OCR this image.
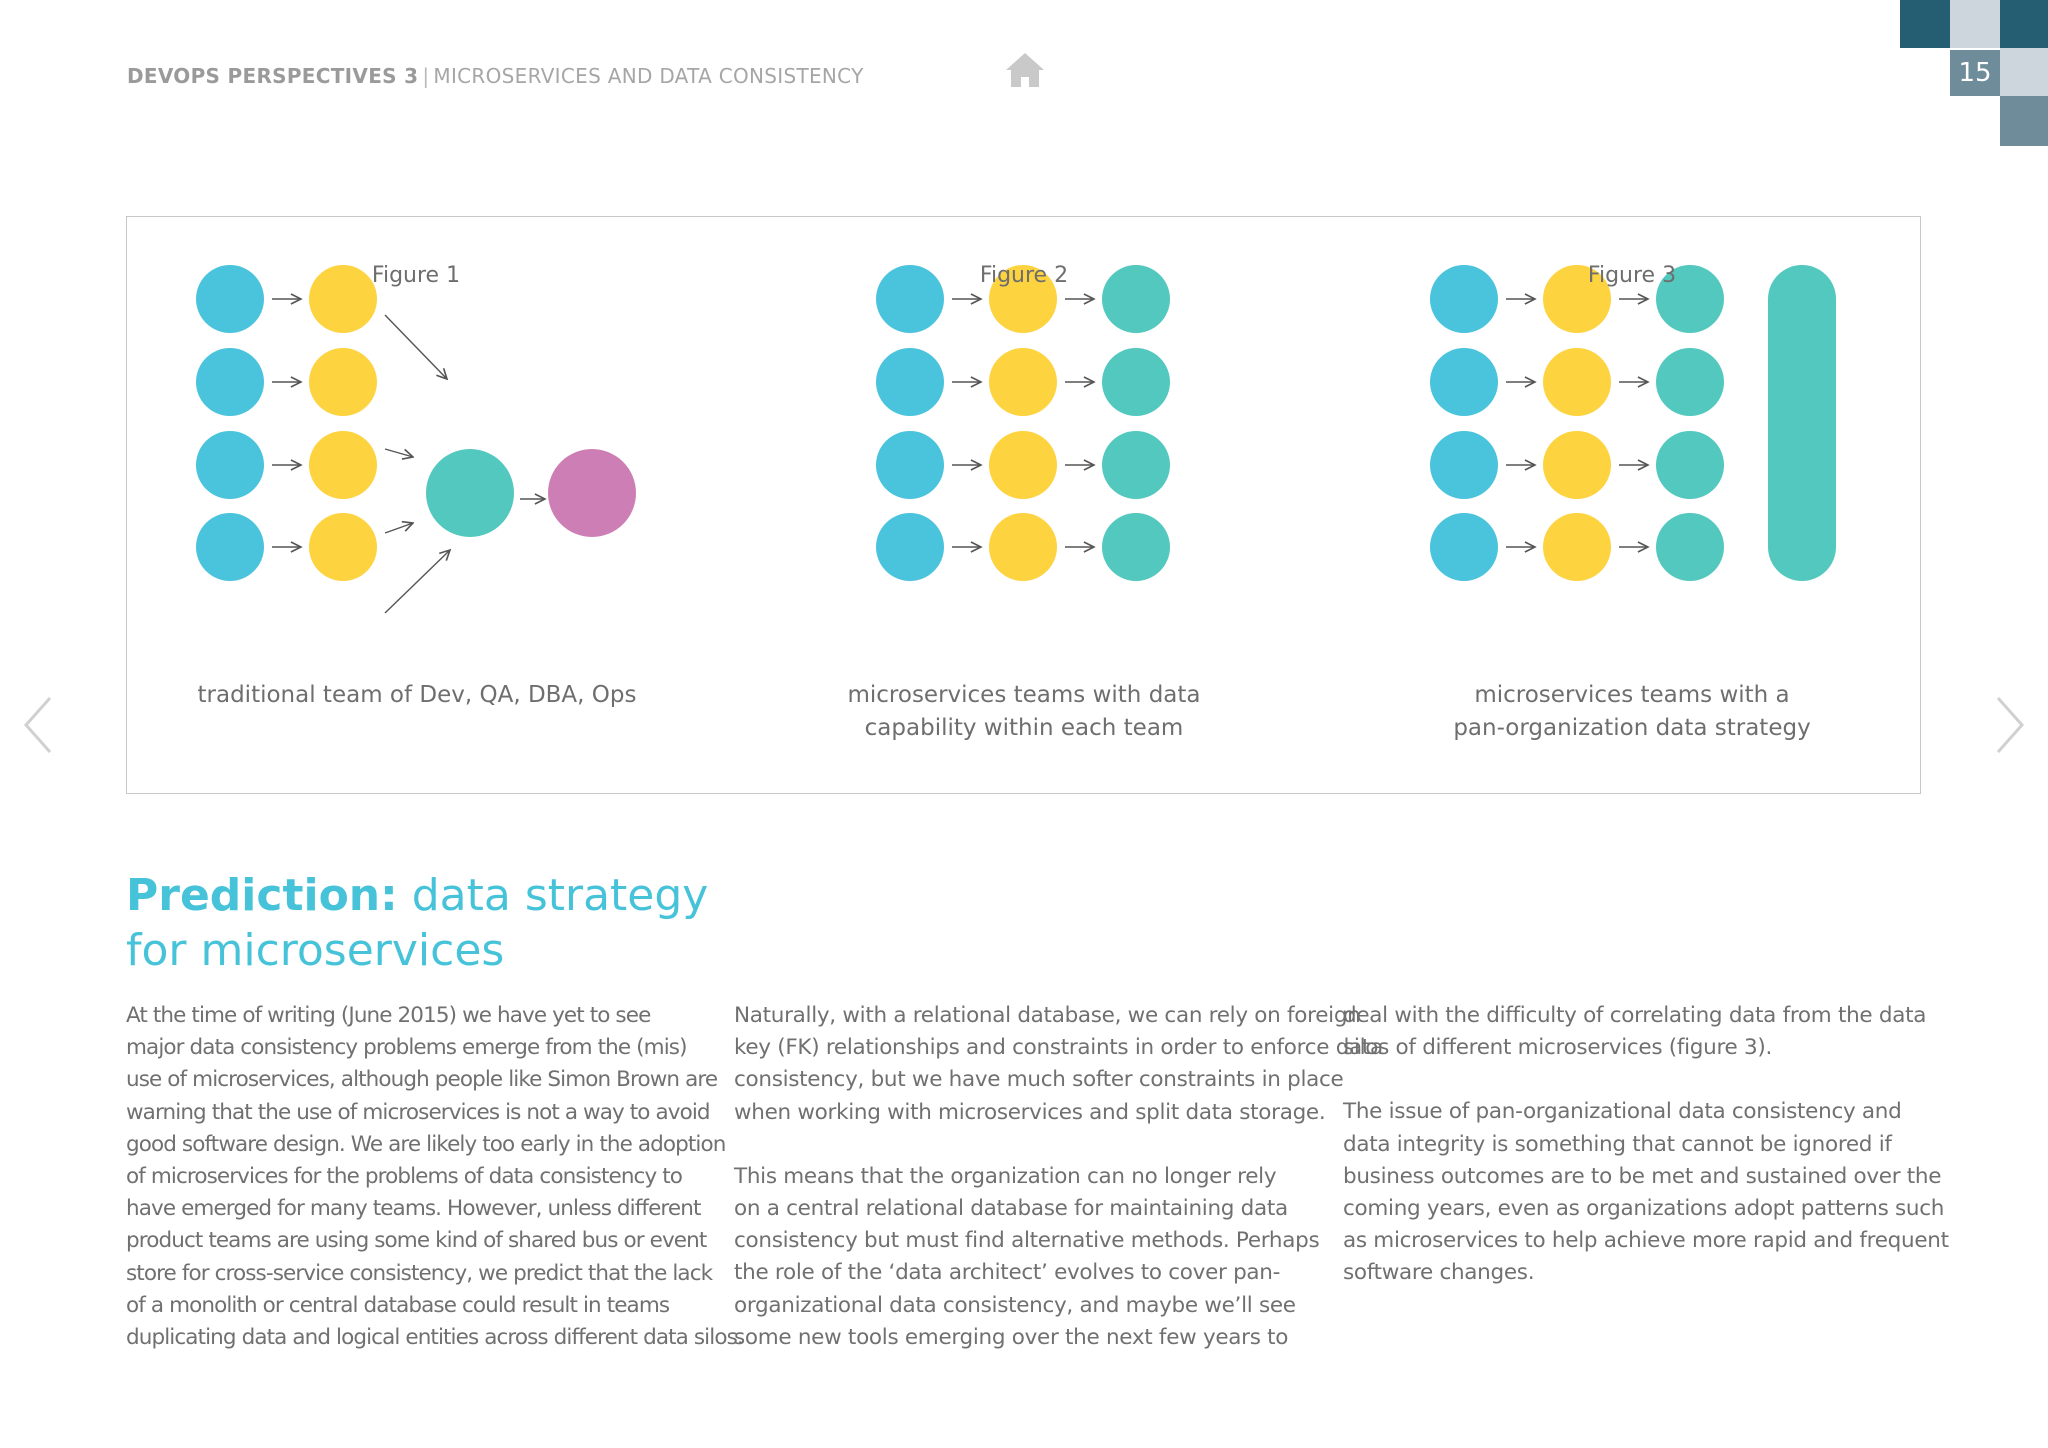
DEVOPS PERSPECTIVES 3 | MICROSERVICES AND DATA CONSISTENCY	15
Figure 1	Figure 2	Figure 3
traditional team of Dev, QA, DBA, Ops	microservices teams with data
capability within each team
microservices teams with a
pan-organization data strategy
Prediction: data strategy
for microservices

At the time of writing (June 2015) we have yet to see
major data consistency problems emerge from the (mis)
use of microservices, although people like Simon Brown are
warning that the use of microservices is not a way to avoid
good software design. We are likely too early in the adoption
of microservices for the problems of data consistency to
have emerged for many teams. However, unless different
product teams are using some kind of shared bus or event
store for cross-service consistency, we predict that the lack
of a monolith or central database could result in teams
duplicating data and logical entities across different data silos.

Naturally, with a relational database, we can rely on foreign
key (FK) relationships and constraints in order to enforce data
consistency, but we have much softer constraints in place
when working with microservices and split data storage.

This means that the organization can no longer rely
on a central relational database for maintaining data
consistency but must find alternative methods. Perhaps
the role of the ‘data architect’ evolves to cover pan-
organizational data consistency, and maybe we’ll see
some new tools emerging over the next few years to

deal with the difficulty of correlating data from the data
silos of different microservices (figure 3).

The issue of pan-organizational data consistency and
data integrity is something that cannot be ignored if
business outcomes are to be met and sustained over the
coming years, even as organizations adopt patterns such
as microservices to help achieve more rapid and frequent
software changes.
